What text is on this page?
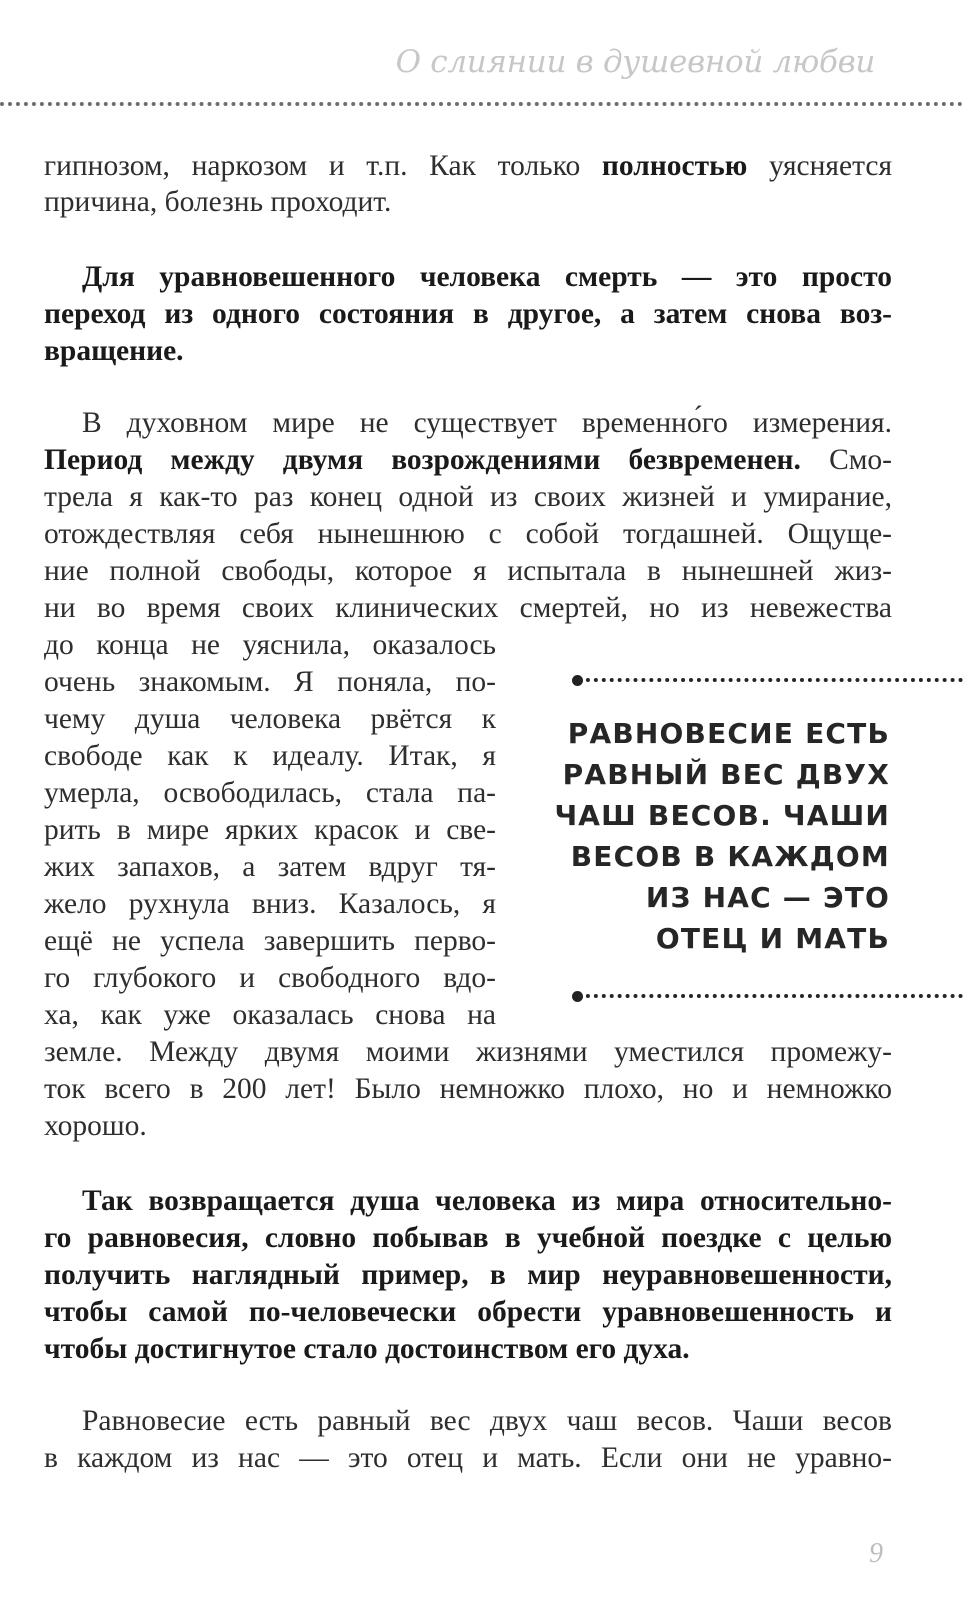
О слиянии в душевной любви
гипнозом, наркозом и т.п. Как только полностью уясняется
причина, болезнь проходит.
Для уравновешенного человека смерть — это просто
переход из одного состояния в другое, а затем снова воз-
вращение.
В духовном мире не существует временно́го измерения.
Период между двумя возрождениями безвременен. Смо-
трела я как-то раз конец одной из своих жизней и умирание,
отождествляя себя нынешнюю с собой тогдашней. Ощуще-
ние полной свободы, которое я испытала в нынешней жиз-
ни во время своих клинических смертей, но из невежества
до конца не уяснила, оказалось
очень знакомым. Я поняла, по-
чему душа человека рвётся к
свободе как к идеалу. Итак, я
умерла, освободилась, стала па-
рить в мире ярких красок и све-
жих запахов, а затем вдруг тя-
жело рухнула вниз. Казалось, я
ещё не успела завершить перво-
го глубокого и свободного вдо-
ха, как уже оказалась снова на
земле. Между двумя моими жизнями уместился промежу-
ток всего в 200 лет! Было немножко плохо, но и немножко
хорошо.
РАВНОВЕСИЕ ЕСТЬ
РАВНЫЙ ВЕС ДВУХ
ЧАШ ВЕСОВ. ЧАШИ
ВЕСОВ В КАЖДОМ
ИЗ НАС — ЭТО
ОТЕЦ И МАТЬ
Так возвращается душа человека из мира относительно-
го равновесия, словно побывав в учебной поездке с целью
получить наглядный пример, в мир неуравновешенности,
чтобы самой по-человечески обрести уравновешенность и
чтобы достигнутое стало достоинством его духа.
Равновесие есть равный вес двух чаш весов. Чаши весов
в каждом из нас — это отец и мать. Если они не уравно-
9
